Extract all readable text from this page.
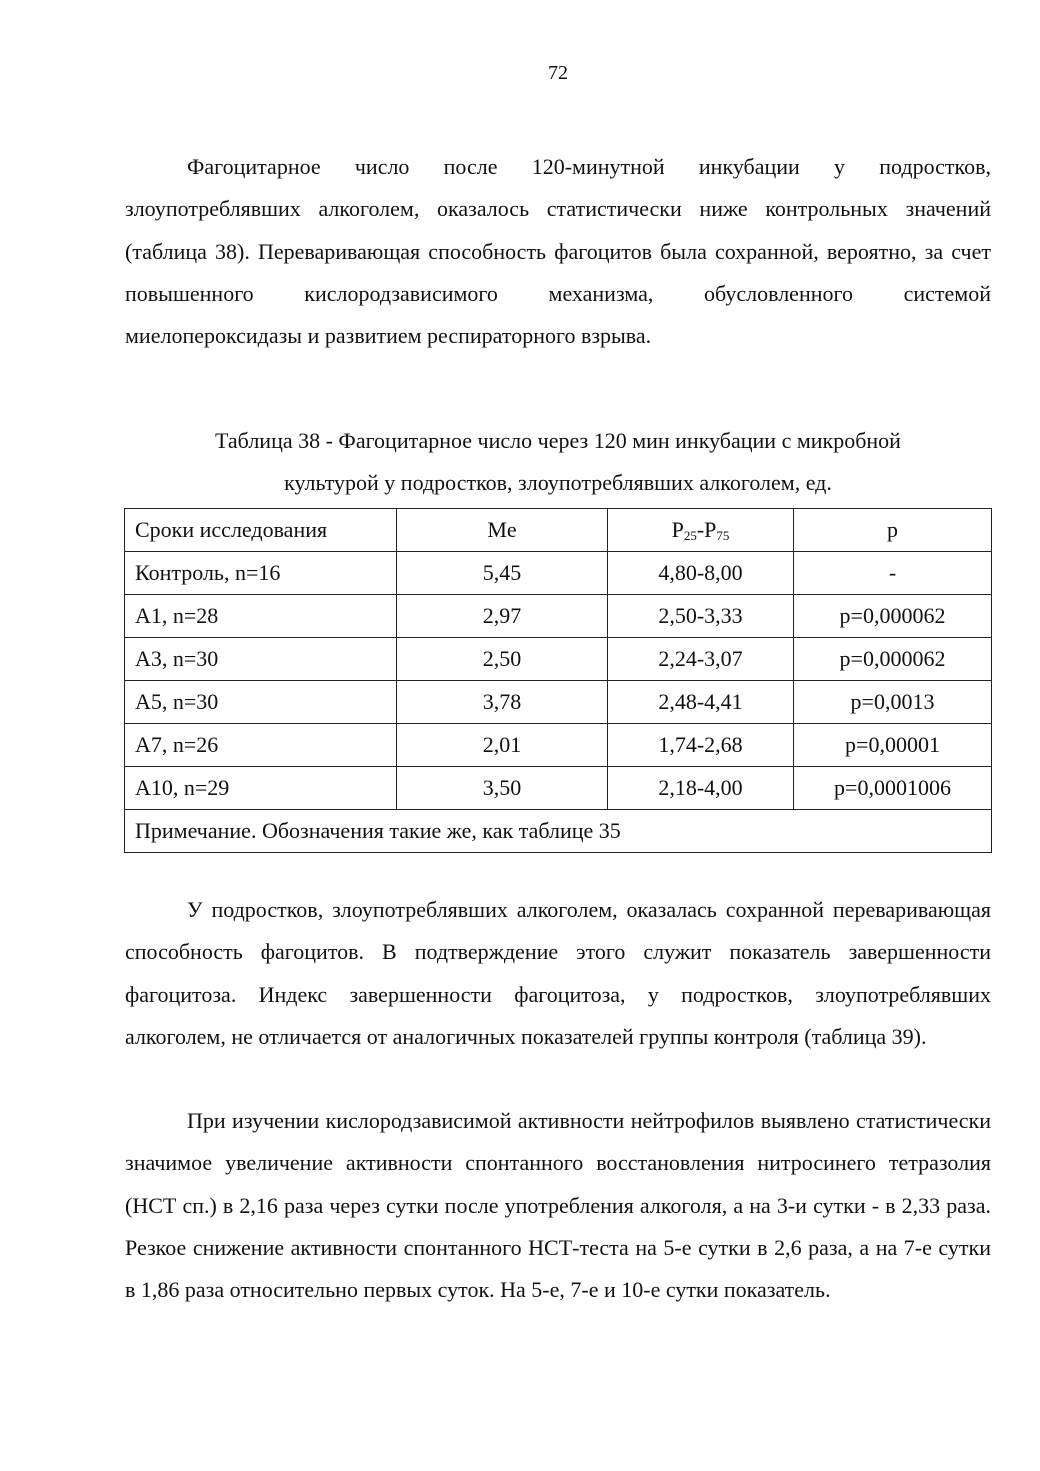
72

Фагоцитарное число после 120-минутной инкубации у подростков, злоупотреблявших алкоголем, оказалось статистически ниже контрольных значений (таблица 38). Переваривающая способность фагоцитов была сохранной, вероятно, за счет повышенного кислородзависимого механизма, обусловленного системой миелопероксидазы и развитием респираторного взрыва.

Таблица 38 - Фагоцитарное число через 120 мин инкубации с микробной
культурой у подростков, злоупотреблявших алкоголем, ед.
Сроки исследования	Me	$P_{25}-P_{75}$	p
Контроль, n=16	5,45	4,80-8,00	-
A1, n=28	2,97	2,50-3,33	p=0,000062
A3, n=30	2,50	2,24-3,07	p=0,000062
A5, n=30	3,78	2,48-4,41	p=0,0013
A7, n=26	2,01	1,74-2,68	p=0,00001
A10, n=29	3,50	2,18-4,00	p=0,0001006
Примечание. Обозначения такие же, как таблице 35			

У подростков, злоупотреблявших алкоголем, оказалась сохранной переваривающая способность фагоцитов. В подтверждение этого служит показатель завершенности фагоцитоза. Индекс завершенности фагоцитоза, у подростков, злоупотреблявших алкоголем, не отличается от аналогичных показателей группы контроля (таблица 39).

При изучении кислородзависимой активности нейтрофилов выявлено статистически значимое увеличение активности спонтанного восстановления нитросинего тетразолия (НСТ сп.) в 2,16 раза через сутки после употребления алкоголя, а на 3-и сутки - в 2,33 раза. Резкое снижение активности спонтанного НСТ-теста на 5-е сутки в 2,6 раза, а на 7-е сутки в 1,86 раза относительно первых суток. На 5-е, 7-е и 10-е сутки показатель.
